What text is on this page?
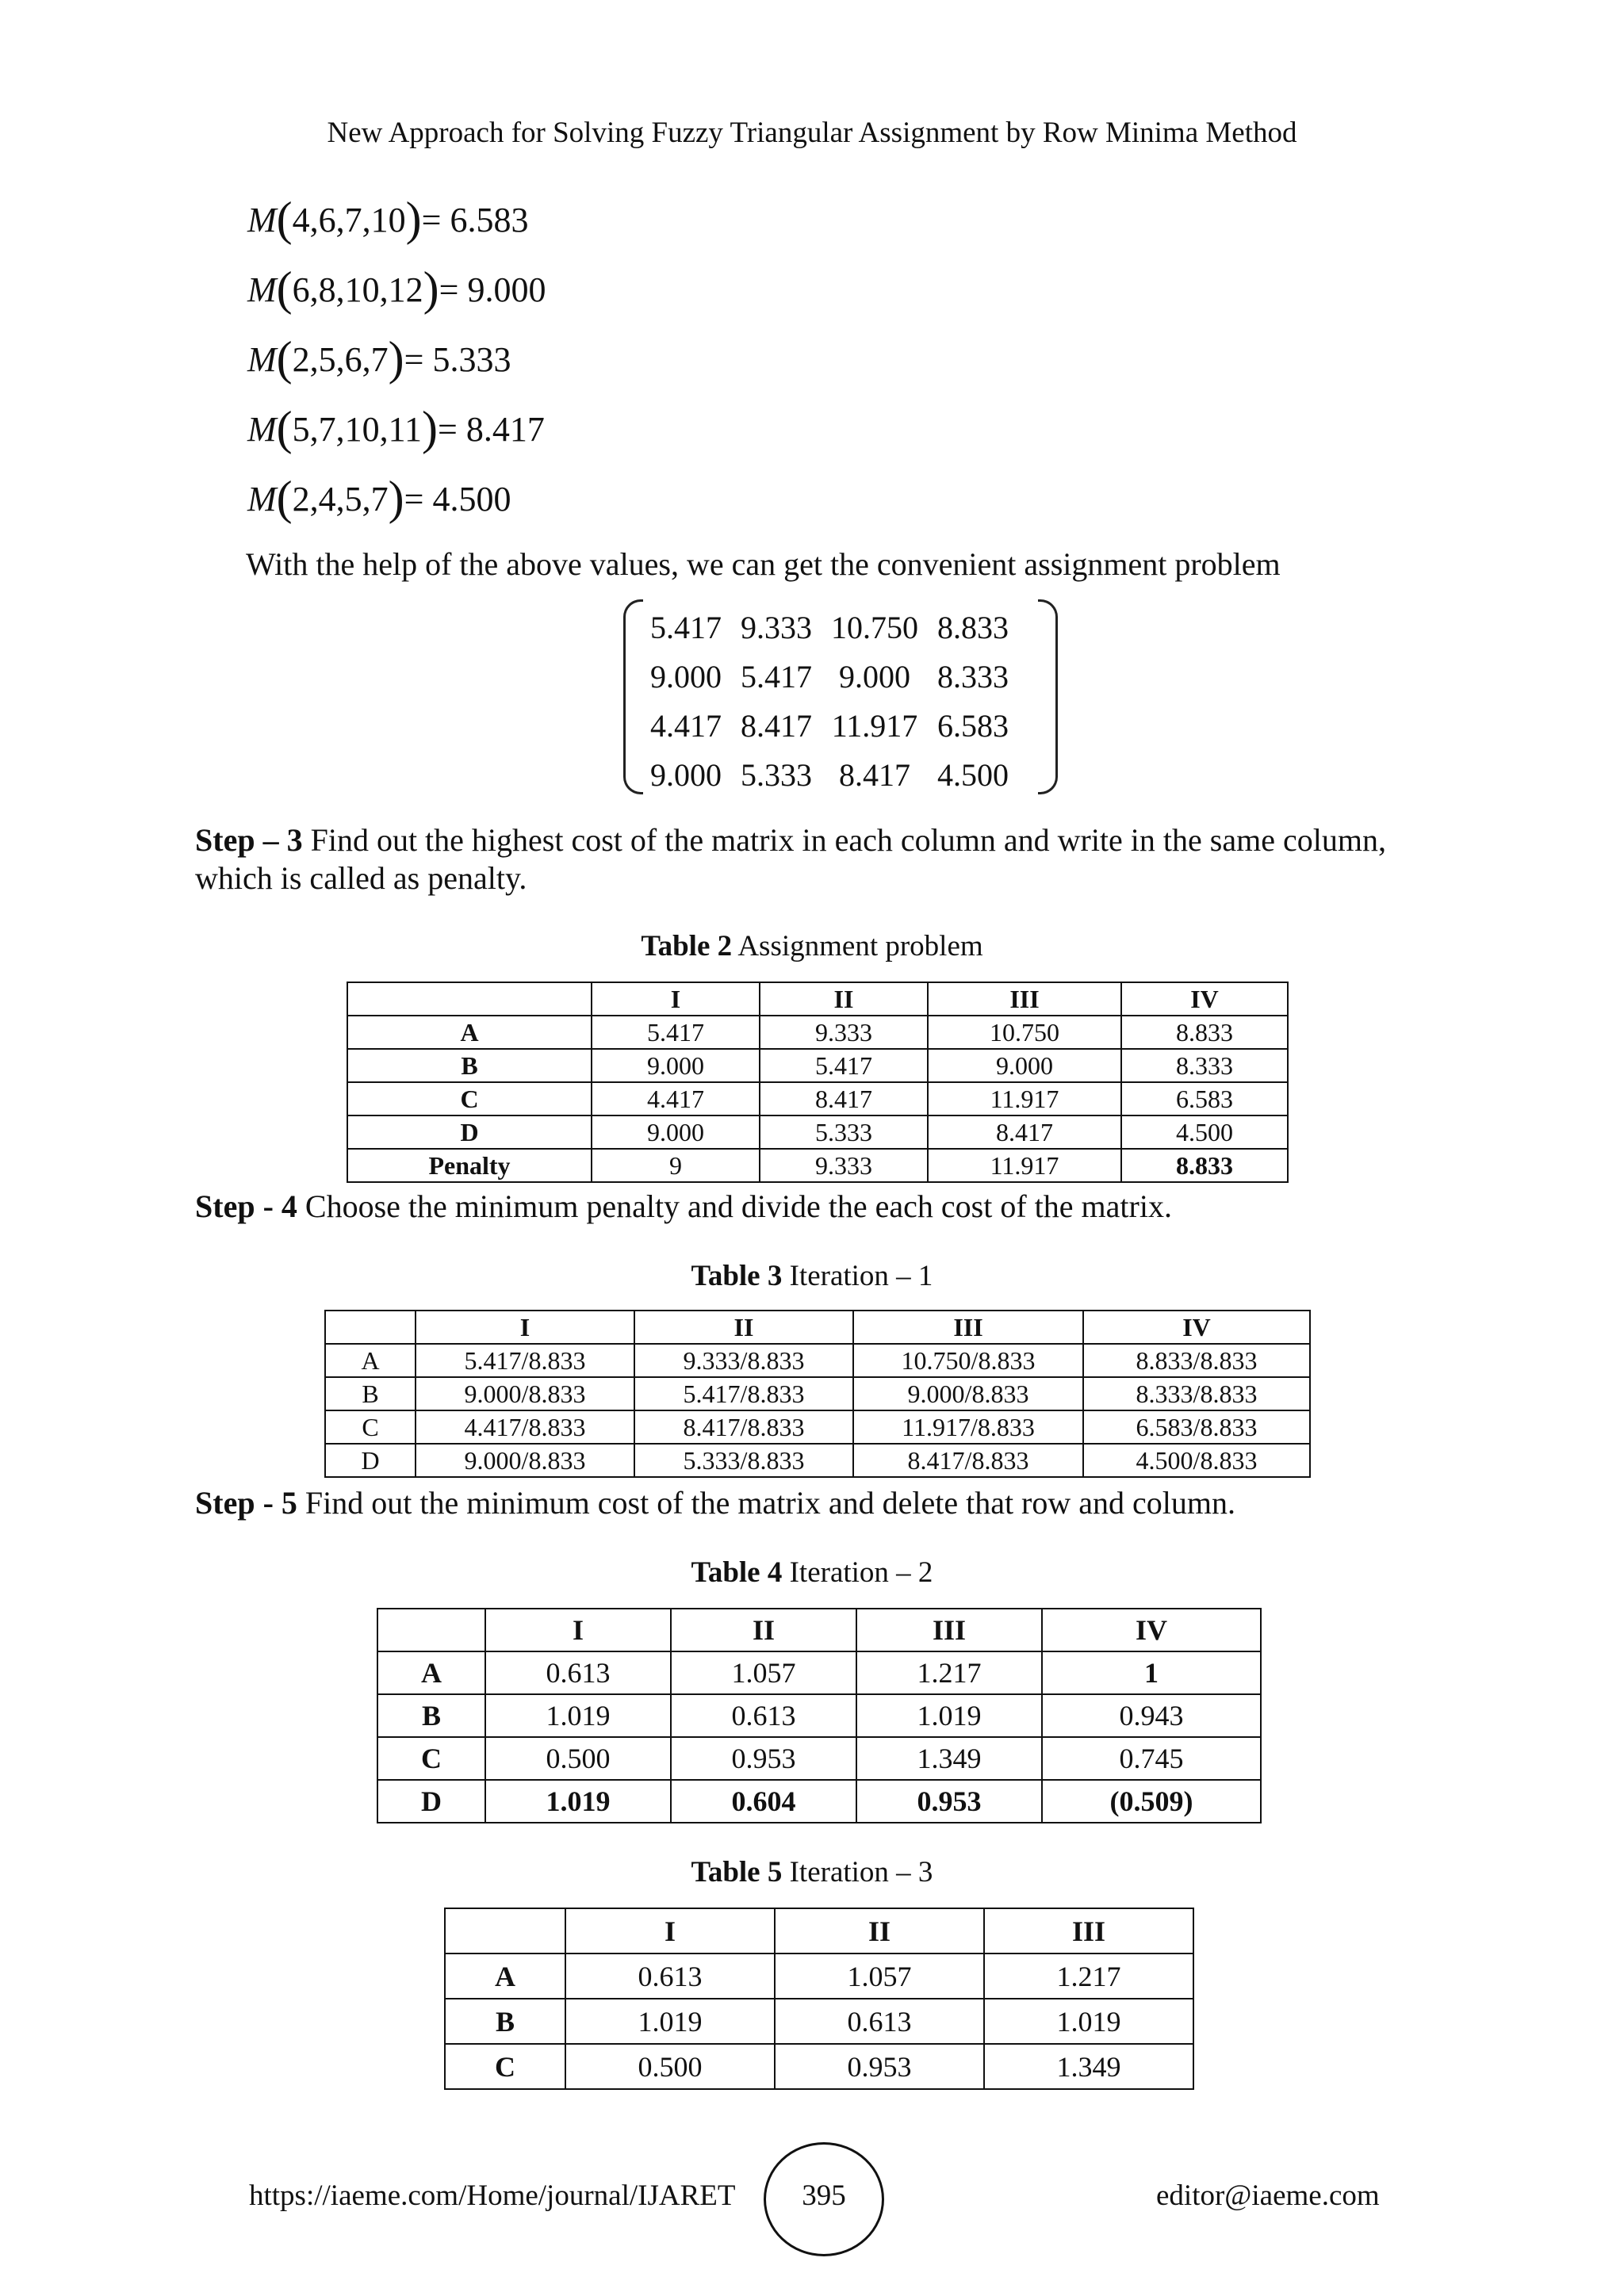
New Approach for Solving Fuzzy Triangular Assignment by Row Minima Method
M(4,6,7,10)= 6.583
M(6,8,10,12)= 9.000
M(2,5,6,7)= 5.333
M(5,7,10,11)= 8.417
M(2,4,5,7)= 4.500
With the help of the above values, we can get the convenient assignment problem
5.417	9.333	10.750	8.833
9.000	5.417	9.000	8.333
4.417	8.417	11.917	6.583
9.000	5.333	8.417	4.500
Step – 3 Find out the highest cost of the matrix in each column and write in the same column, which is called as penalty.
Table 2 Assignment problem
	I	II	III	IV
A	5.417	9.333	10.750	8.833
B	9.000	5.417	9.000	8.333
C	4.417	8.417	11.917	6.583
D	9.000	5.333	8.417	4.500
Penalty	9	9.333	11.917	8.833
Step - 4 Choose the minimum penalty and divide the each cost of the matrix.
Table 3 Iteration – 1
	I	II	III	IV
A	5.417/8.833	9.333/8.833	10.750/8.833	8.833/8.833
B	9.000/8.833	5.417/8.833	9.000/8.833	8.333/8.833
C	4.417/8.833	8.417/8.833	11.917/8.833	6.583/8.833
D	9.000/8.833	5.333/8.833	8.417/8.833	4.500/8.833
Step - 5 Find out the minimum cost of the matrix and delete that row and column.
Table 4 Iteration – 2
	I	II	III	IV
A	0.613	1.057	1.217	1
B	1.019	0.613	1.019	0.943
C	0.500	0.953	1.349	0.745
D	1.019	0.604	0.953	(0.509)
Table 5 Iteration – 3
	I	II	III
A	0.613	1.057	1.217
B	1.019	0.613	1.019
C	0.500	0.953	1.349
https://iaeme.com/Home/journal/IJARET	395	editor@iaeme.com
